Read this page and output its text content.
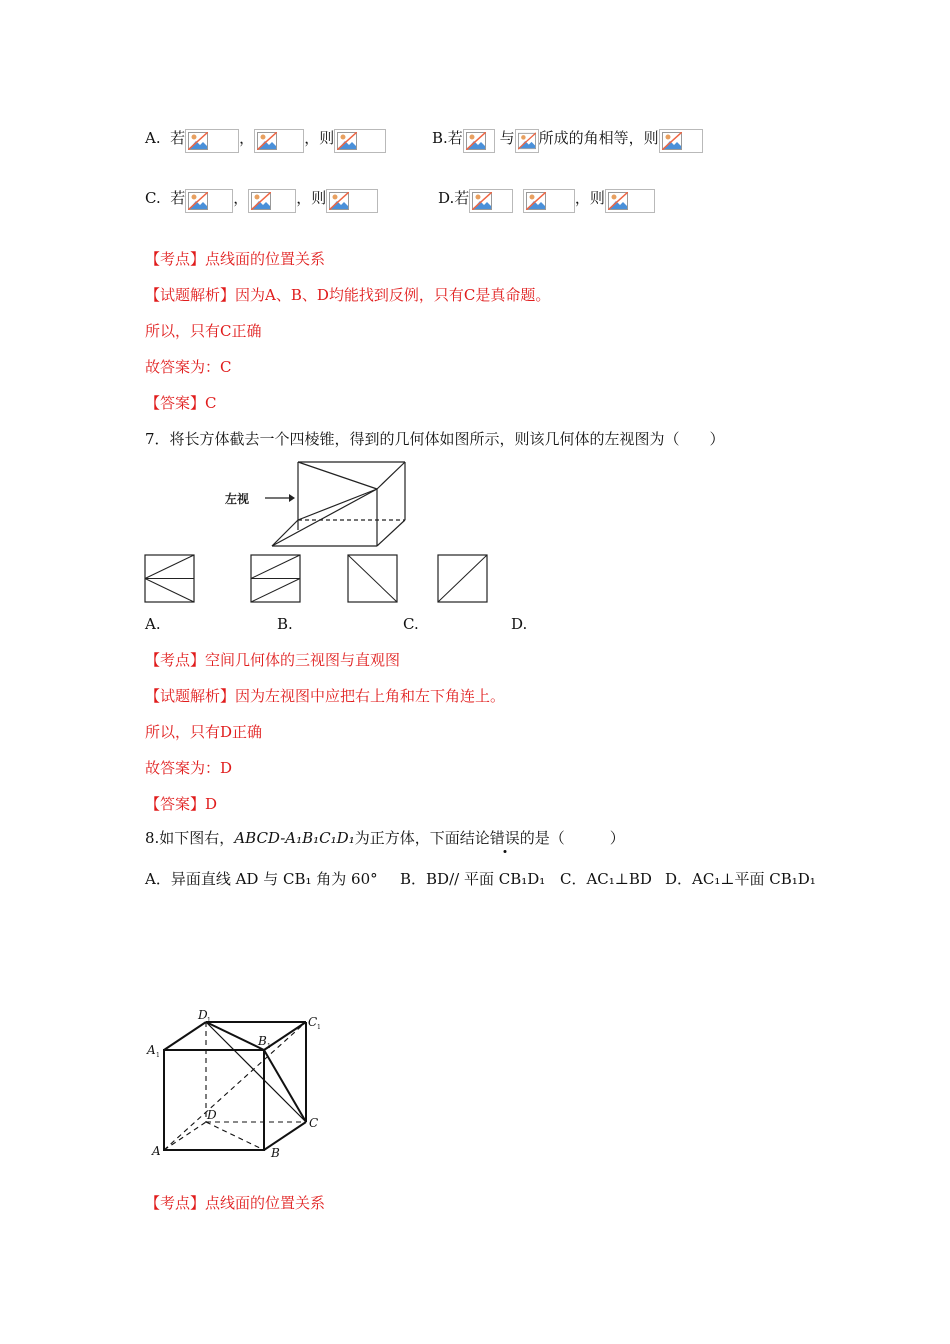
A. 若	，	，则	B.若 与 所成的角相等，则
C. 若	，	，则	D.若
	，则
【考点】点线面的位置关系
【试题解析】因为A、B、D均能找到反例，只有C是真命题。
所以，只有C正确
故答案为：C
【答案】C
7．将长方体截去一个四棱锥，得到的几何体如图所示，则该几何体的左视图为（　　）
左视
A.	B.	C.	D.
【考点】空间几何体的三视图与直观图
【试题解析】因为左视图中应把右上角和左下角连上。
所以，只有D正确
故答案为：D
【答案】D
8.如下图右，ABCD-A₁B₁C₁D₁为正方体，下面结论错误的是（　　　）
A．异面直线 AD 与 CB₁ 角为 60° B．BD// 平面 CB₁D₁ C．AC₁⊥BD D．AC₁⊥平面 CB₁D₁
D 1	C 1
A 1
B 1
D
C
A	B
【考点】点线面的位置关系
